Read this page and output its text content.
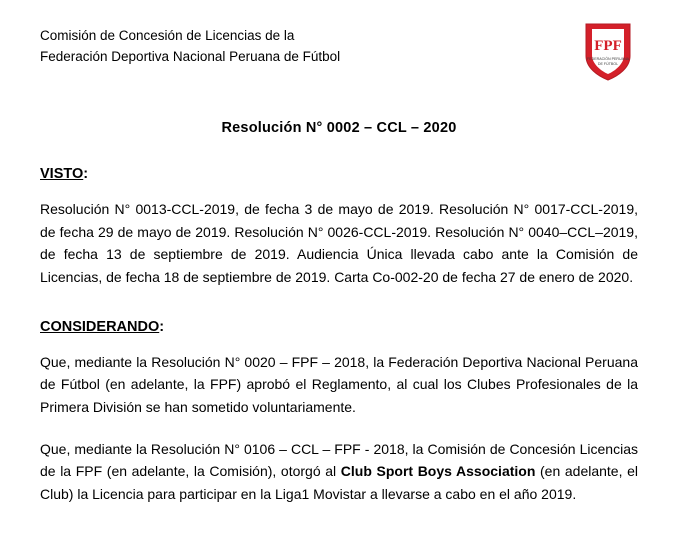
Comisión de Concesión de Licencias de la
Federación Deportiva Nacional Peruana de Fútbol
FPF
FEDERACIÓN PERUANA
DE FÚTBOL
Resolución N° 0002 – CCL – 2020
VISTO:

Resolución N° 0013-CCL-2019, de fecha 3 de mayo de 2019. Resolución N° 0017-CCL-2019, de fecha 29 de mayo de 2019. Resolución N° 0026-CCL-2019. Resolución N° 0040–CCL–2019, de fecha 13 de septiembre de 2019. Audiencia Única llevada cabo ante la Comisión de Licencias, de fecha 18 de septiembre de 2019. Carta Co-002-20 de fecha 27 de enero de 2020.

CONSIDERANDO:

Que, mediante la Resolución N° 0020 – FPF – 2018, la Federación Deportiva Nacional Peruana de Fútbol (en adelante, la FPF) aprobó el Reglamento, al cual los Clubes Profesionales de la Primera División se han sometido voluntariamente.

Que, mediante la Resolución N° 0106 – CCL – FPF - 2018, la Comisión de Concesión Licencias de la FPF (en adelante, la Comisión), otorgó al Club Sport Boys Association (en adelante, el Club) la Licencia para participar en la Liga1 Movistar a llevarse a cabo en el año 2019.
